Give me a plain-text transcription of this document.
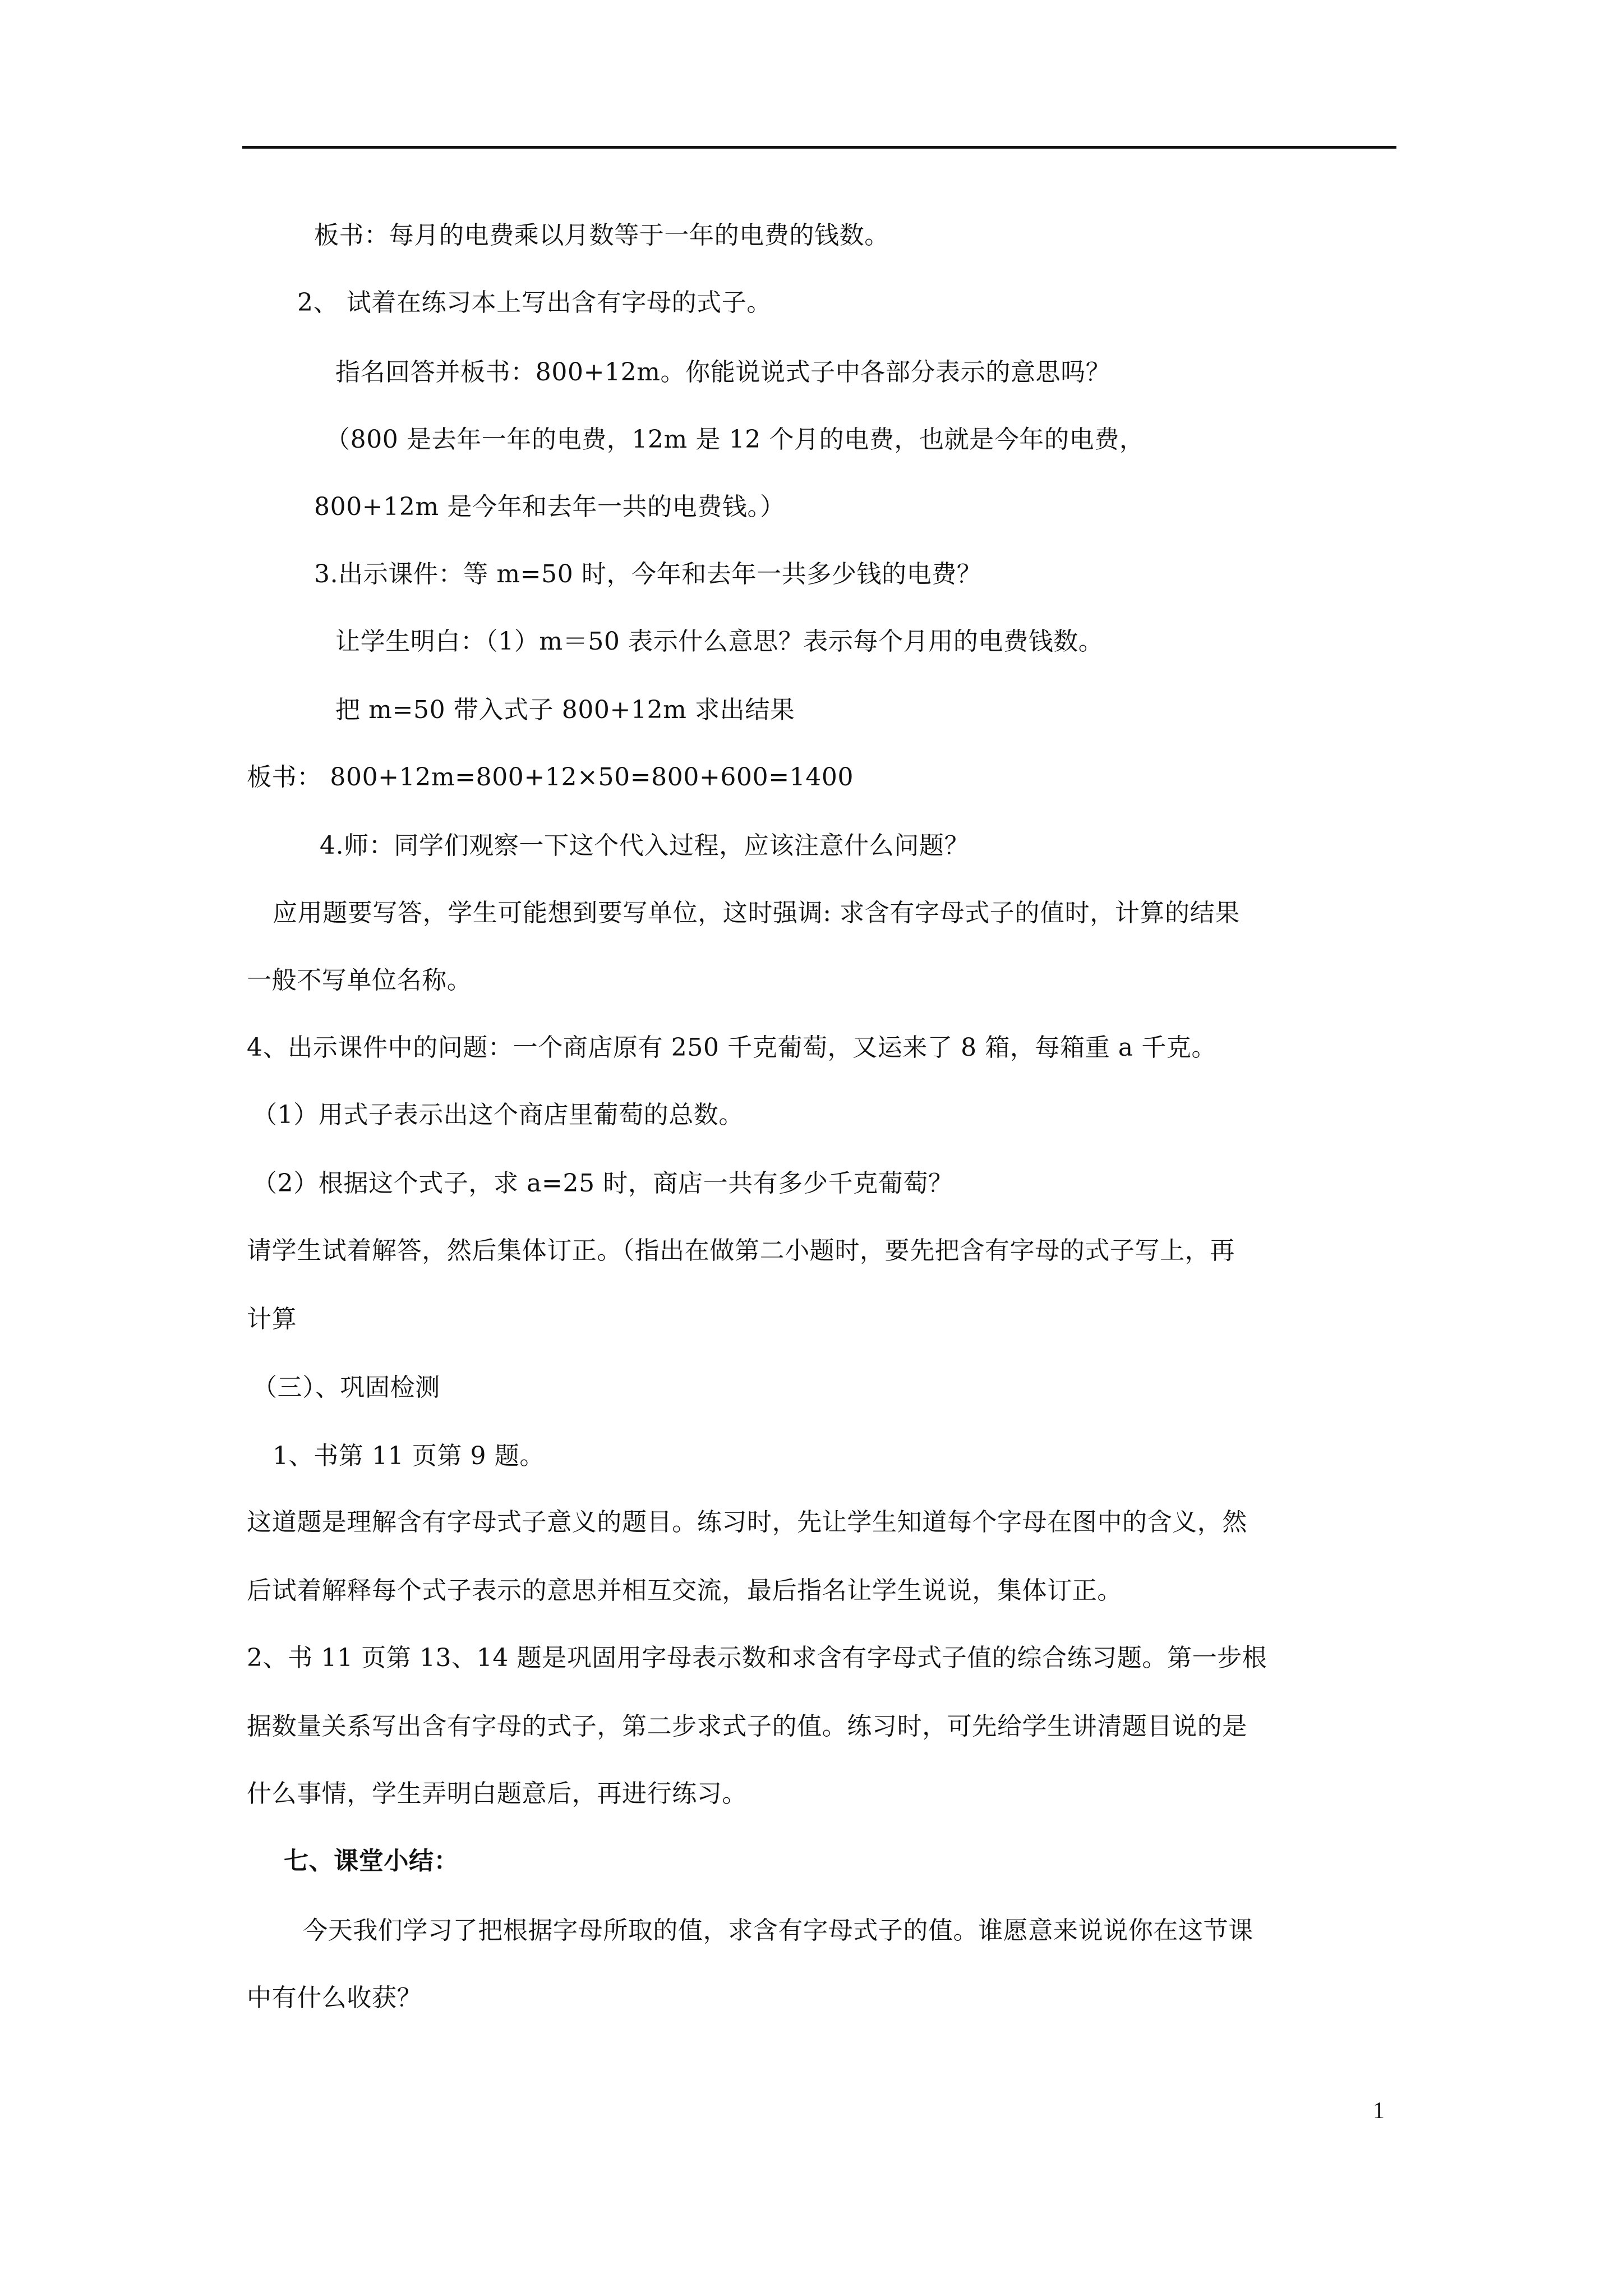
板书：每月的电费乘以月数等于一年的电费的钱数。
2、 试着在练习本上写出含有字母的式子。
指名回答并板书：800+12m。你能说说式子中各部分表示的意思吗？
（800 是去年一年的电费，12m 是 12 个月的电费，也就是今年的电费，
800+12m 是今年和去年一共的电费钱。）
3.出示课件：等 m=50 时，今年和去年一共多少钱的电费？
让学生明白：（1）m＝50 表示什么意思？表示每个月用的电费钱数。
把 m=50 带入式子 800+12m 求出结果
板书： 800+12m=800+12×50=800+600=1400
4.师：同学们观察一下这个代入过程，应该注意什么问题？
应用题要写答，学生可能想到要写单位，这时强调: 求含有字母式子的值时，计算的结果
一般不写单位名称。
4、出示课件中的问题：一个商店原有 250 千克葡萄，又运来了 8 箱，每箱重 a 千克。
（1）用式子表示出这个商店里葡萄的总数。
（2）根据这个式子，求 a=25 时，商店一共有多少千克葡萄？
请学生试着解答，然后集体订正。（指出在做第二小题时，要先把含有字母的式子写上，再
计算
（三）、巩固检测
1、书第 11 页第 9 题。
这道题是理解含有字母式子意义的题目。练习时，先让学生知道每个字母在图中的含义，然
后试着解释每个式子表示的意思并相互交流，最后指名让学生说说，集体订正。
2、书 11 页第 13、14 题是巩固用字母表示数和求含有字母式子值的综合练习题。第一步根
据数量关系写出含有字母的式子，第二步求式子的值。练习时，可先给学生讲清题目说的是
什么事情，学生弄明白题意后，再进行练习。
七、课堂小结：
今天我们学习了把根据字母所取的值，求含有字母式子的值。谁愿意来说说你在这节课
中有什么收获？
1
